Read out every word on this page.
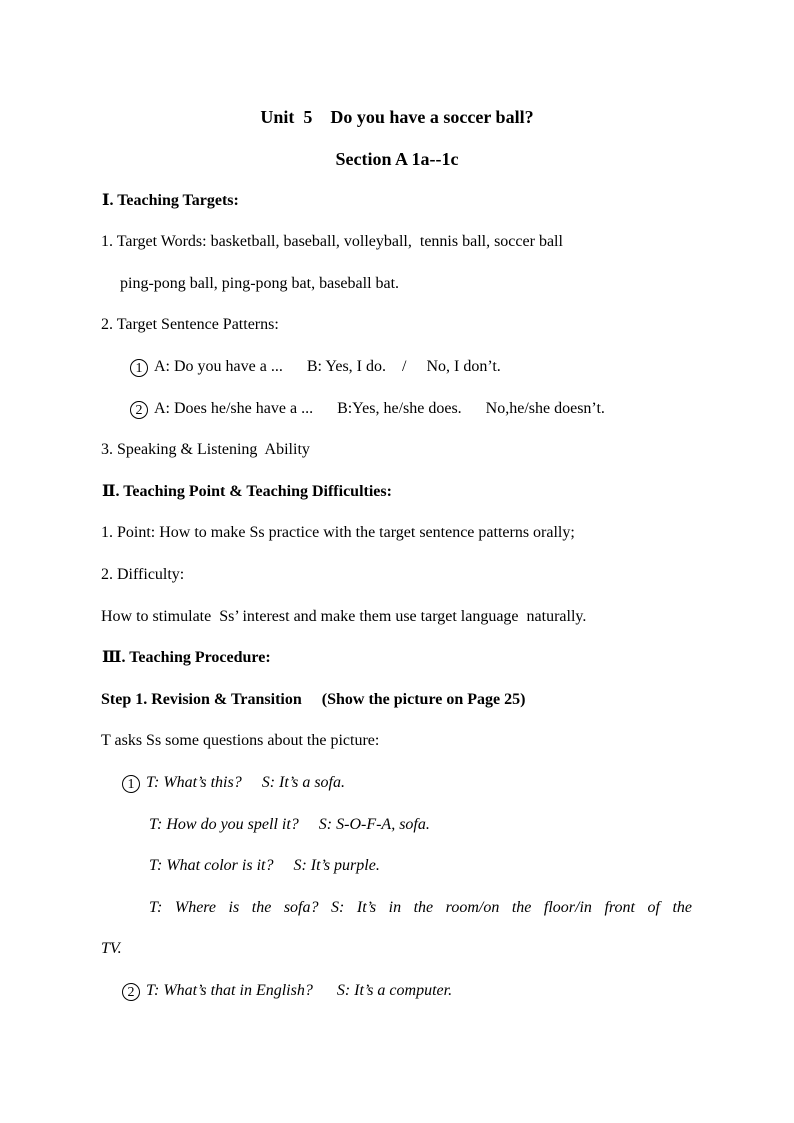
Unit  5    Do you have a soccer ball?
Section A 1a--1c
Ⅰ. Teaching Targets:
1. Target Words: basketball, baseball, volleyball,  tennis ball, soccer ball
ping-pong ball, ping-pong bat, baseball bat.
2. Target Sentence Patterns:
1 A: Do you have a ...      B: Yes, I do.    /     No, I don’t.
2 A: Does he/she have a ...      B:Yes, he/she does.      No,he/she doesn’t.
3. Speaking & Listening  Ability
Ⅱ. Teaching Point & Teaching Difficulties:
1. Point: How to make Ss practice with the target sentence patterns orally;
2. Difficulty:
How to stimulate  Ss’ interest and make them use target language  naturally.
Ⅲ. Teaching Procedure:
Step 1. Revision & Transition     (Show the picture on Page 25)
T asks Ss some questions about the picture:
1 T: What’s this?     S: It’s a sofa.
T: How do you spell it?     S: S-O-F-A, sofa.
T: What color is it?     S: It’s purple.
T: Where is the sofa? S: It’s in the room/on the floor/in front of the
TV.
2 T: What’s that in English?      S: It’s a computer.
